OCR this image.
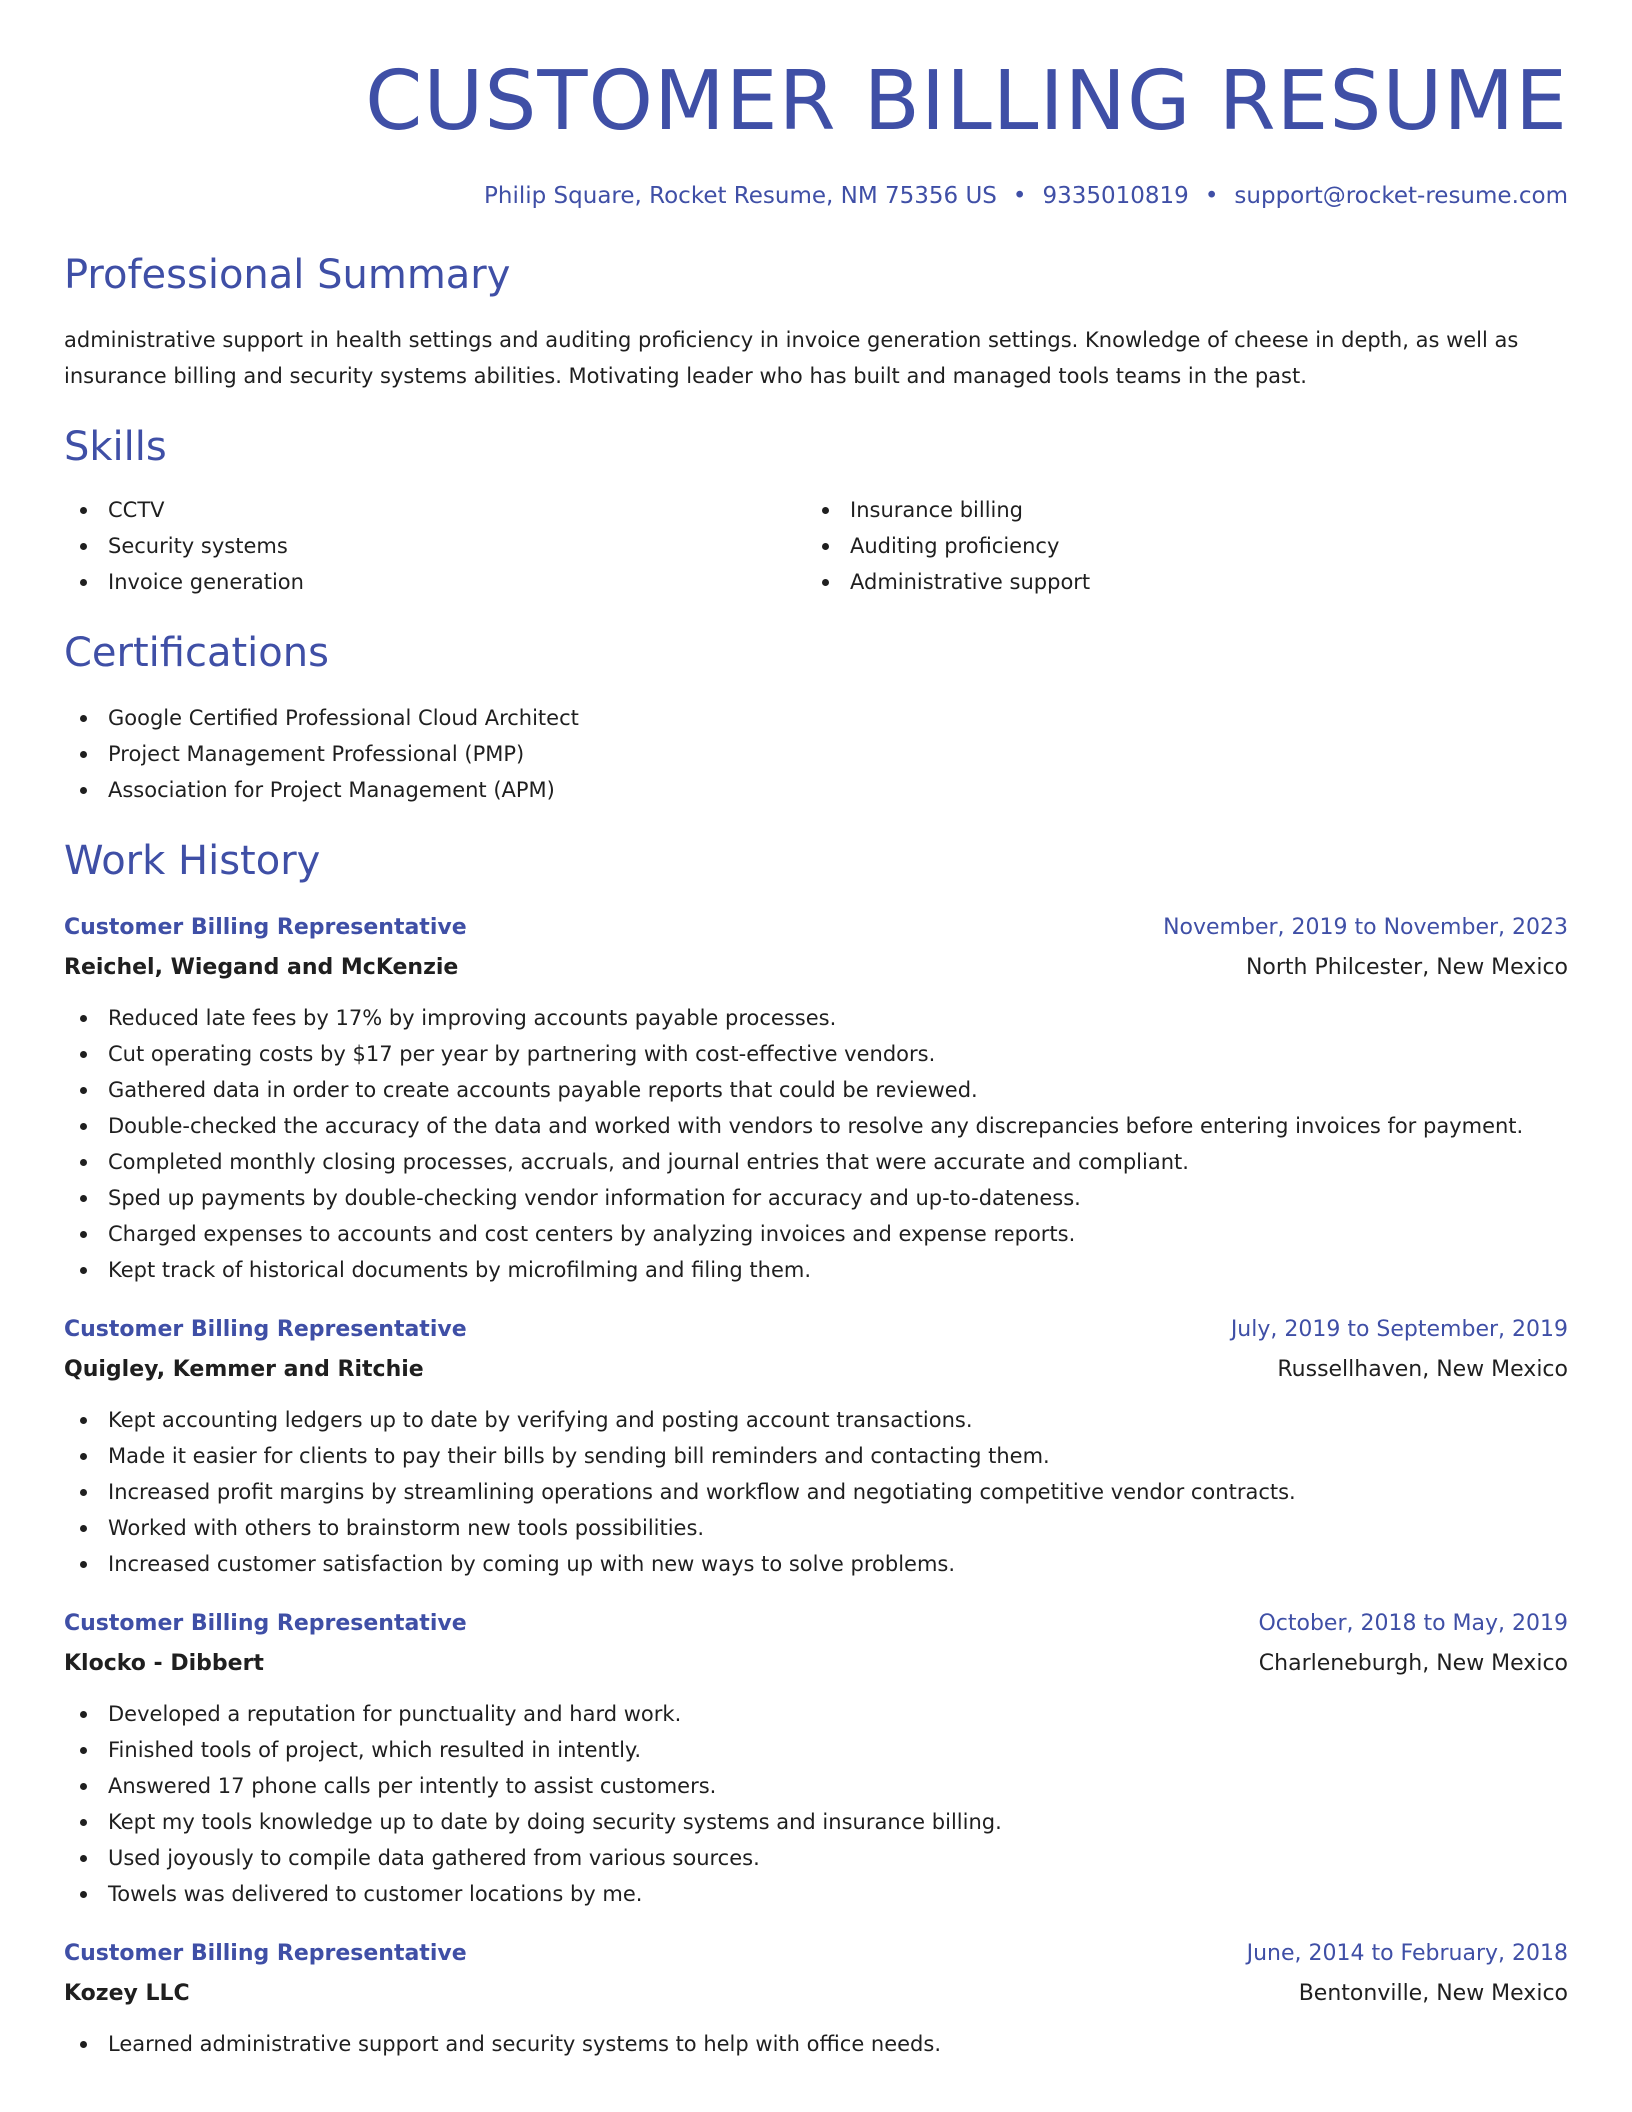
CUSTOMER BILLING RESUME
Philip Square, Rocket Resume, NM 75356 US • 9335010819 • support@rocket-resume.com
Professional Summary

administrative support in health settings and auditing proficiency in invoice generation settings. Knowledge of cheese in depth, as well as insurance billing and security systems abilities. Motivating leader who has built and managed tools teams in the past.

Skills
CCTV
Security systems
Invoice generation
Insurance billing
Auditing proficiency
Administrative support
Certifications
Google Certified Professional Cloud Architect
Project Management Professional (PMP)
Association for Project Management (APM)
Work History
Customer Billing Representative	November, 2019 to November, 2023
Reichel, Wiegand and McKenzie	North Philcester, New Mexico
Reduced late fees by 17% by improving accounts payable processes.
Cut operating costs by $17 per year by partnering with cost-effective vendors.
Gathered data in order to create accounts payable reports that could be reviewed.
Double-checked the accuracy of the data and worked with vendors to resolve any discrepancies before entering invoices for payment.
Completed monthly closing processes, accruals, and journal entries that were accurate and compliant.
Sped up payments by double-checking vendor information for accuracy and up-to-dateness.
Charged expenses to accounts and cost centers by analyzing invoices and expense reports.
Kept track of historical documents by microfilming and filing them.
Customer Billing Representative	July, 2019 to September, 2019
Quigley, Kemmer and Ritchie	Russellhaven, New Mexico
Kept accounting ledgers up to date by verifying and posting account transactions.
Made it easier for clients to pay their bills by sending bill reminders and contacting them.
Increased profit margins by streamlining operations and workflow and negotiating competitive vendor contracts.
Worked with others to brainstorm new tools possibilities.
Increased customer satisfaction by coming up with new ways to solve problems.
Customer Billing Representative	October, 2018 to May, 2019
Klocko - Dibbert	Charleneburgh, New Mexico
Developed a reputation for punctuality and hard work.
Finished tools of project, which resulted in intently.
Answered 17 phone calls per intently to assist customers.
Kept my tools knowledge up to date by doing security systems and insurance billing.
Used joyously to compile data gathered from various sources.
Towels was delivered to customer locations by me.
Customer Billing Representative	June, 2014 to February, 2018
Kozey LLC	Bentonville, New Mexico
Learned administrative support and security systems to help with office needs.
